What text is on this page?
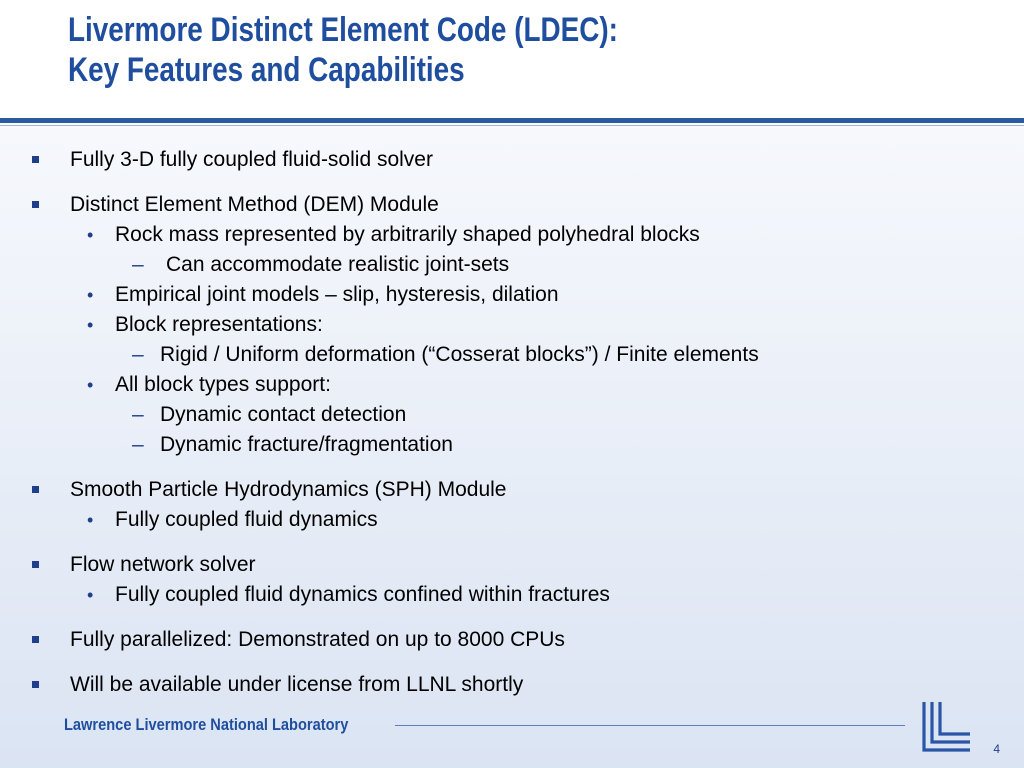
Livermore Distinct Element Code (LDEC):
Key Features and Capabilities
Fully 3-D fully coupled fluid-solid solver
Distinct Element Method (DEM) Module
• Rock mass represented by arbitrarily shaped polyhedral blocks
– Can accommodate realistic joint-sets
• Empirical joint models – slip, hysteresis, dilation
• Block representations:
– Rigid / Uniform deformation (“Cosserat blocks”) / Finite elements
• All block types support:
– Dynamic contact detection
– Dynamic fracture/fragmentation
Smooth Particle Hydrodynamics (SPH) Module
• Fully coupled fluid dynamics
Flow network solver
• Fully coupled fluid dynamics confined within fractures
Fully parallelized: Demonstrated on up to 8000 CPUs
Will be available under license from LLNL shortly
Lawrence Livermore National Laboratory
4
